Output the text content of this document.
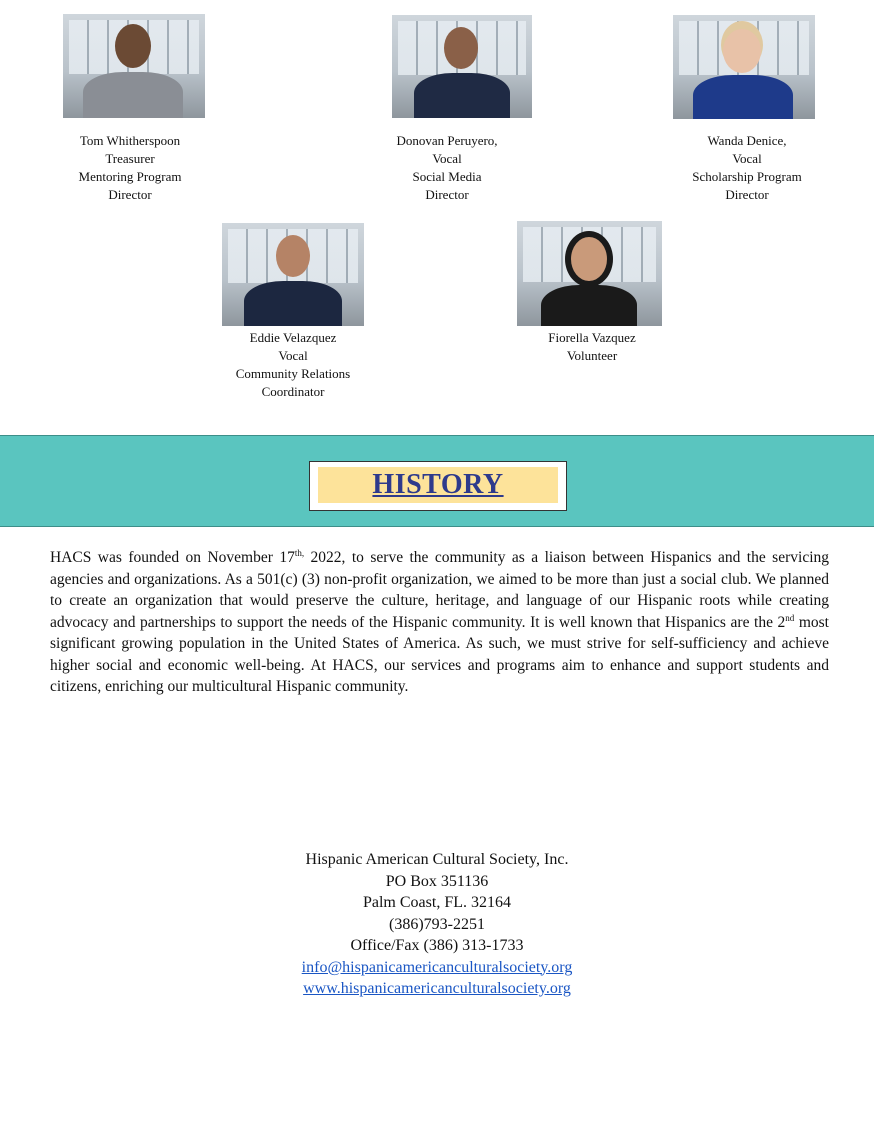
Tom Whitherspoon
Treasurer
Mentoring Program
Director
Donovan Peruyero,
Vocal
Social Media
Director
Wanda Denice,
Vocal
Scholarship Program
Director
Eddie Velazquez
Vocal
Community Relations
Coordinator
Fiorella Vazquez
Volunteer
HISTORY
HACS was founded on November $17^{th,}$ 2022, to serve the community as a liaison between Hispanics and the servicing agencies and organizations. As a 501(c) (3) non-profit organization, we aimed to be more than just a social club. We planned to create an organization that would preserve the culture, heritage, and language of our Hispanic roots while creating advocacy and partnerships to support the needs of the Hispanic community. It is well known that Hispanics are the 2nd most significant growing population in the United States of America. As such, we must strive for self-sufficiency and achieve higher social and economic well-being. At HACS, our services and programs aim to enhance and support students and citizens, enriching our multicultural Hispanic community.
Hispanic American Cultural Society, Inc.
PO Box 351136
Palm Coast, FL. 32164
(386)793-2251
Office/Fax (386) 313-1733
info@hispanicamericanculturalsociety.org
www.hispanicamericanculturalsociety.org
